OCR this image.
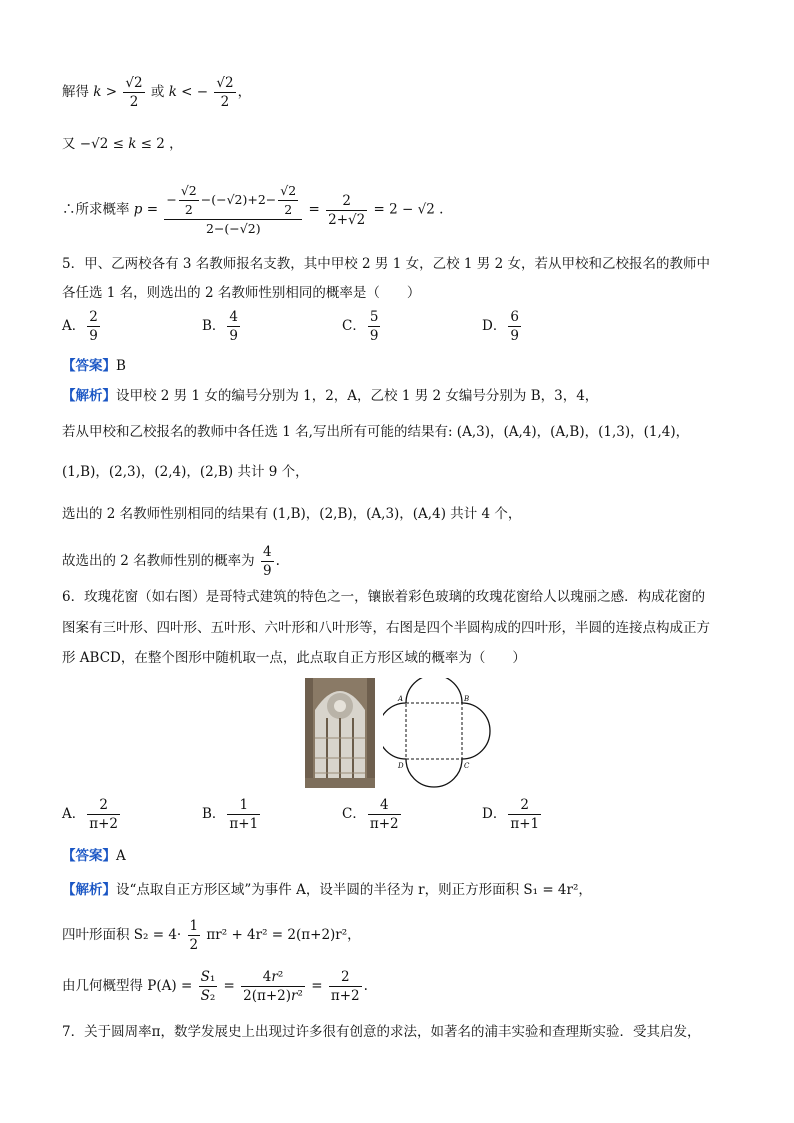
解得 $k > \frac{√2}{2}$ 或 k < − $\frac{√2}{2}$ ，
又 −√2 ≤ k ≤ 2 ，
∴所求概率 $p = \frac{- \frac{√2}{2} -(-√2)+2- \frac{√2}{2}}{2-(-√2)} = \frac{2}{2+√2} = 2 - √2$ .
5．甲、乙两校各有 3 名教师报名支教，其中甲校 2 男 1 女，乙校 1 男 2 女，若从甲校和乙校报名的教师中
各任选 1 名，则选出的 2 名教师性别相同的概率是（　　）
A． $\frac{2}{9}$	B． $\frac{4}{9}$	C． $\frac{5}{9}$	D． $\frac{6}{9}$
【答案】B
【解析】设甲校 2 男 1 女的编号分别为 1，2，A，乙校 1 男 2 女编号分别为 B，3，4，
若从甲校和乙校报名的教师中各任选 1 名,写出所有可能的结果有: (A,3)，(A,4)，(A,B)，(1,3)，(1,4)，
(1,B)，(2,3)，(2,4)，(2,B) 共计 9 个，
选出的 2 名教师性别相同的结果有 (1,B)，(2,B)，(A,3)，(A,4) 共计 4 个，
故选出的 2 名教师性别的概率为 $\frac{4}{9}$ .
6．玫瑰花窗（如右图）是哥特式建筑的特色之一，镶嵌着彩色玻璃的玫瑰花窗给人以瑰丽之感．构成花窗的
图案有三叶形、四叶形、五叶形、六叶形和八叶形等，右图是四个半圆构成的四叶形，半圆的连接点构成正方
形 ABCD，在整个图形中随机取一点，此点取自正方形区域的概率为（　　）
A	B
C
D
A． $\frac{2}{\pi+2}$	B． $\frac{1}{\pi+1}$	C． $\frac{4}{\pi+2}$	D． $\frac{2}{\pi+1}$
【答案】A
【解析】设“点取自正方形区域”为事件 A，设半圆的半径为 r，则正方形面积 S₁ = 4r²，
四叶形面积 $S_2 = 4\cdot \frac{1}{2} \pi r^2 + 4r^2 = 2(\pi+2)r^2$，
由几何概型得 $P(A) = \frac{\text{S₁}}{\text{S₂}} = \frac{\text{4r²}}{\text{2(π+2)r²}} = \frac{2}{\pi+2}$ .
7．关于圆周率π，数学发展史上出现过许多很有创意的求法，如著名的浦丰实验和查理斯实验．受其启发，
